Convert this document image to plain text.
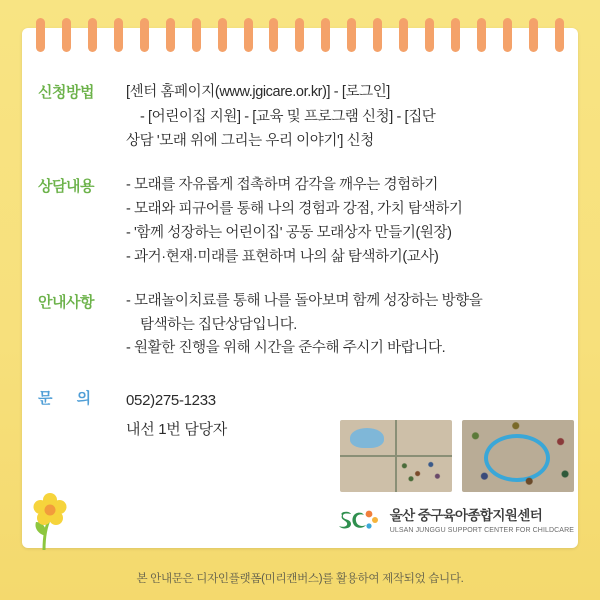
신청방법	[센터 홈페이지(www.jgicare.or.kr)] - [로그인]
- [어린이집 지원] - [교육 및 프로그램 신청] - [집단
상담 '모래 위에 그리는 우리 이야기'] 신청
상담내용	- 모래를 자유롭게 접촉하며 감각을 깨우는 경험하기
- 모래와 피규어를 통해 나의 경험과 강점, 가치 탐색하기
- '함께 성장하는 어린이집' 공동 모래상자 만들기(원장)
- 과거·현재·미래를 표현하며 나의 삶 탐색하기(교사)
안내사항	- 모래놀이치료를 통해 나를 돌아보며 함께 성장하는 방향을
탐색하는 집단상담입니다.
- 원활한 진행을 위해 시간을 준수해 주시기 바랍니다.
문 의	052)275-1233
내선 1번 담당자
울산 중구육아종합지원센터
ULSAN JUNGGU SUPPORT CENTER FOR CHILDCARE
본 안내문은 디자인플랫폼(미리캔버스)를 활용하여 제작되었 습니다.
